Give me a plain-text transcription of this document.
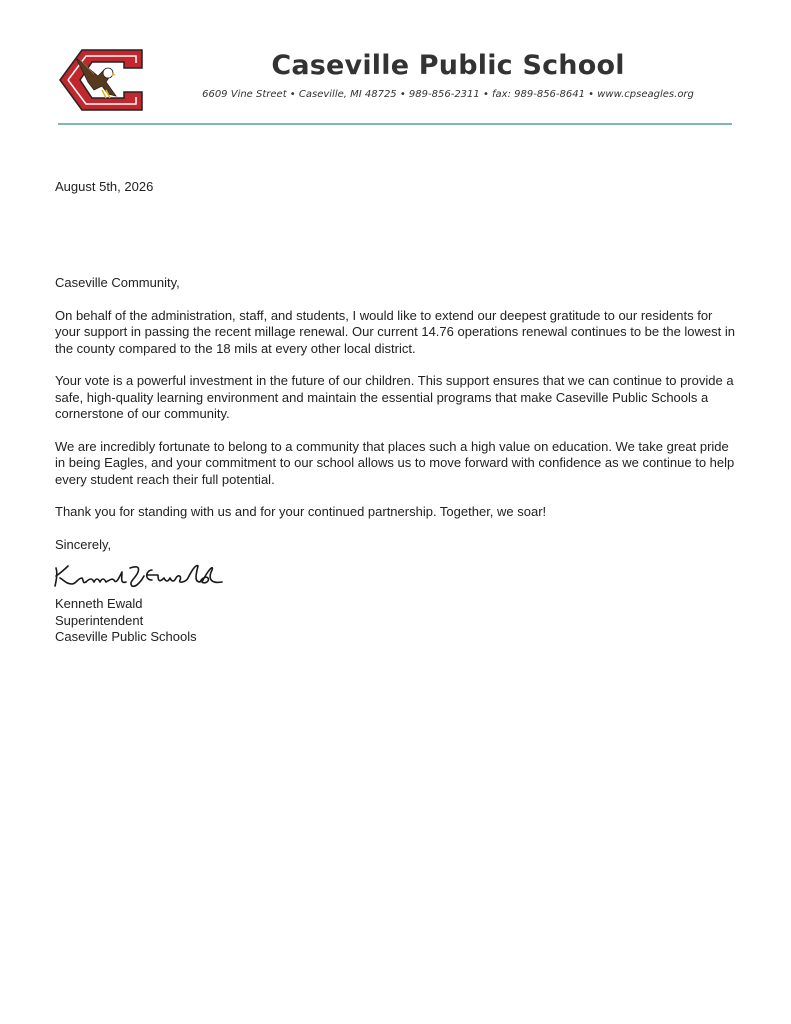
Caseville Public School
6609 Vine Street • Caseville, MI 48725 • 989-856-2311 • fax: 989-856-8641 • www.cpseagles.org
August 5th, 2026

Caseville Community,

On behalf of the administration, staff, and students, I would like to extend our deepest gratitude to our residents for your support in passing the recent millage renewal. Our current 14.76 operations renewal continues to be the lowest in the county compared to the 18 mils at every other local district.

Your vote is a powerful investment in the future of our children. This support ensures that we can continue to provide a safe, high-quality learning environment and maintain the essential programs that make Caseville Public Schools a cornerstone of our community.

We are incredibly fortunate to belong to a community that places such a high value on education. We take great pride in being Eagles, and your commitment to our school allows us to move forward with confidence as we continue to help every student reach their full potential.

Thank you for standing with us and for your continued partnership. Together, we soar!

Sincerely,

Kenneth Ewald
Superintendent
Caseville Public Schools
